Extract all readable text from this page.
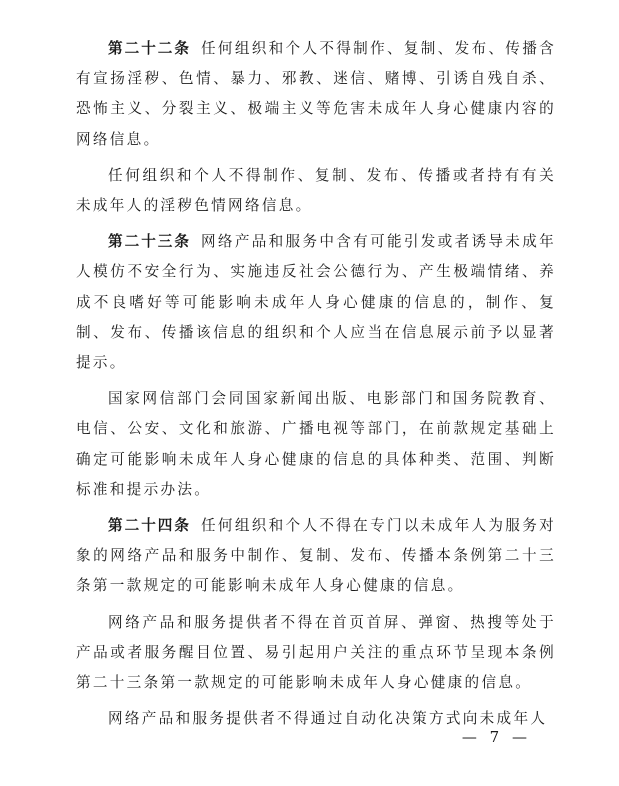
第二十二条 任何组织和个人不得制作、复制、发布、传播含有宣扬淫秽、色情、暴力、邪教、迷信、赌博、引诱自残自杀、恐怖主义、分裂主义、极端主义等危害未成年人身心健康内容的网络信息。

任何组织和个人不得制作、复制、发布、传播或者持有有关未成年人的淫秽色情网络信息。

第二十三条 网络产品和服务中含有可能引发或者诱导未成年人模仿不安全行为、实施违反社会公德行为、产生极端情绪、养成不良嗜好等可能影响未成年人身心健康的信息的，制作、复制、发布、传播该信息的组织和个人应当在信息展示前予以显著提示。

国家网信部门会同国家新闻出版、电影部门和国务院教育、电信、公安、文化和旅游、广播电视等部门，在前款规定基础上确定可能影响未成年人身心健康的信息的具体种类、范围、判断标准和提示办法。

第二十四条 任何组织和个人不得在专门以未成年人为服务对象的网络产品和服务中制作、复制、发布、传播本条例第二十三条第一款规定的可能影响未成年人身心健康的信息。

网络产品和服务提供者不得在首页首屏、弹窗、热搜等处于产品或者服务醒目位置、易引起用户关注的重点环节呈现本条例第二十三条第一款规定的可能影响未成年人身心健康的信息。

网络产品和服务提供者不得通过自动化决策方式向未成年人

— 7 —
